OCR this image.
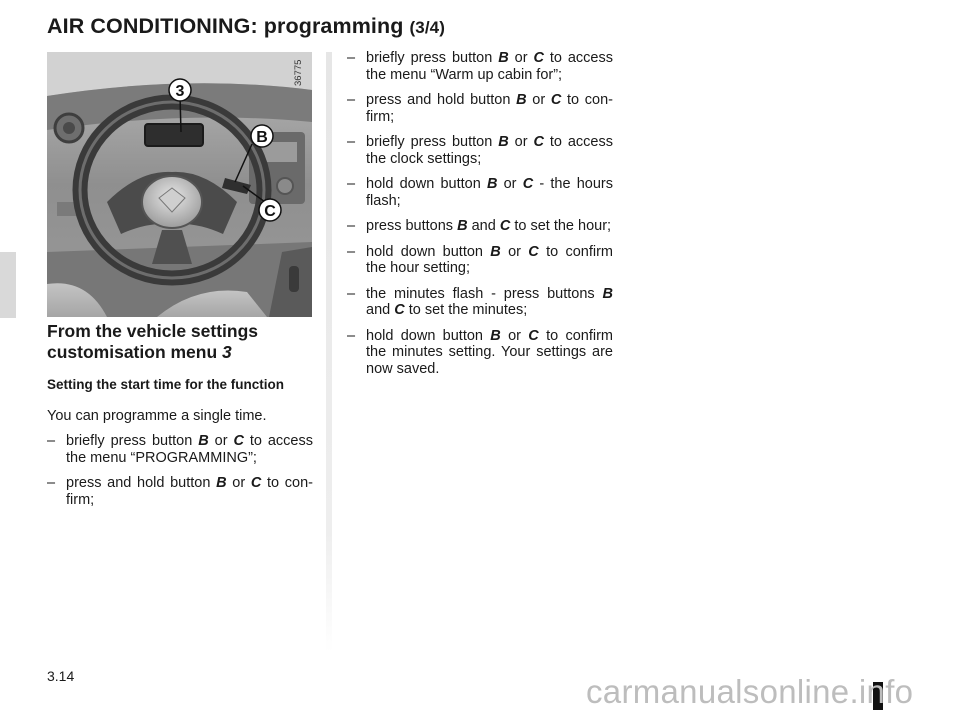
AIR CONDITIONING: programming (3/4)
3
B
C
36775
From the vehicle settings customisation menu 3

Setting the start time for the function

You can programme a single time.

– briefly press button B or C to access the menu “PROGRAMMING”;
– press and hold button B or C to con-firm;
– briefly press button B or C to access the menu “Warm up cabin for”;
– press and hold button B or C to con-firm;
– briefly press button B or C to access the clock settings;
– hold down button B or C - the hours flash;
– press buttons B and C to set the hour;
– hold down button B or C to confirm the hour setting;
– the minutes flash - press buttons B and C to set the minutes;
– hold down button B or C to confirm the minutes setting. Your settings are now saved.
3.14	carmanualsonline.info
